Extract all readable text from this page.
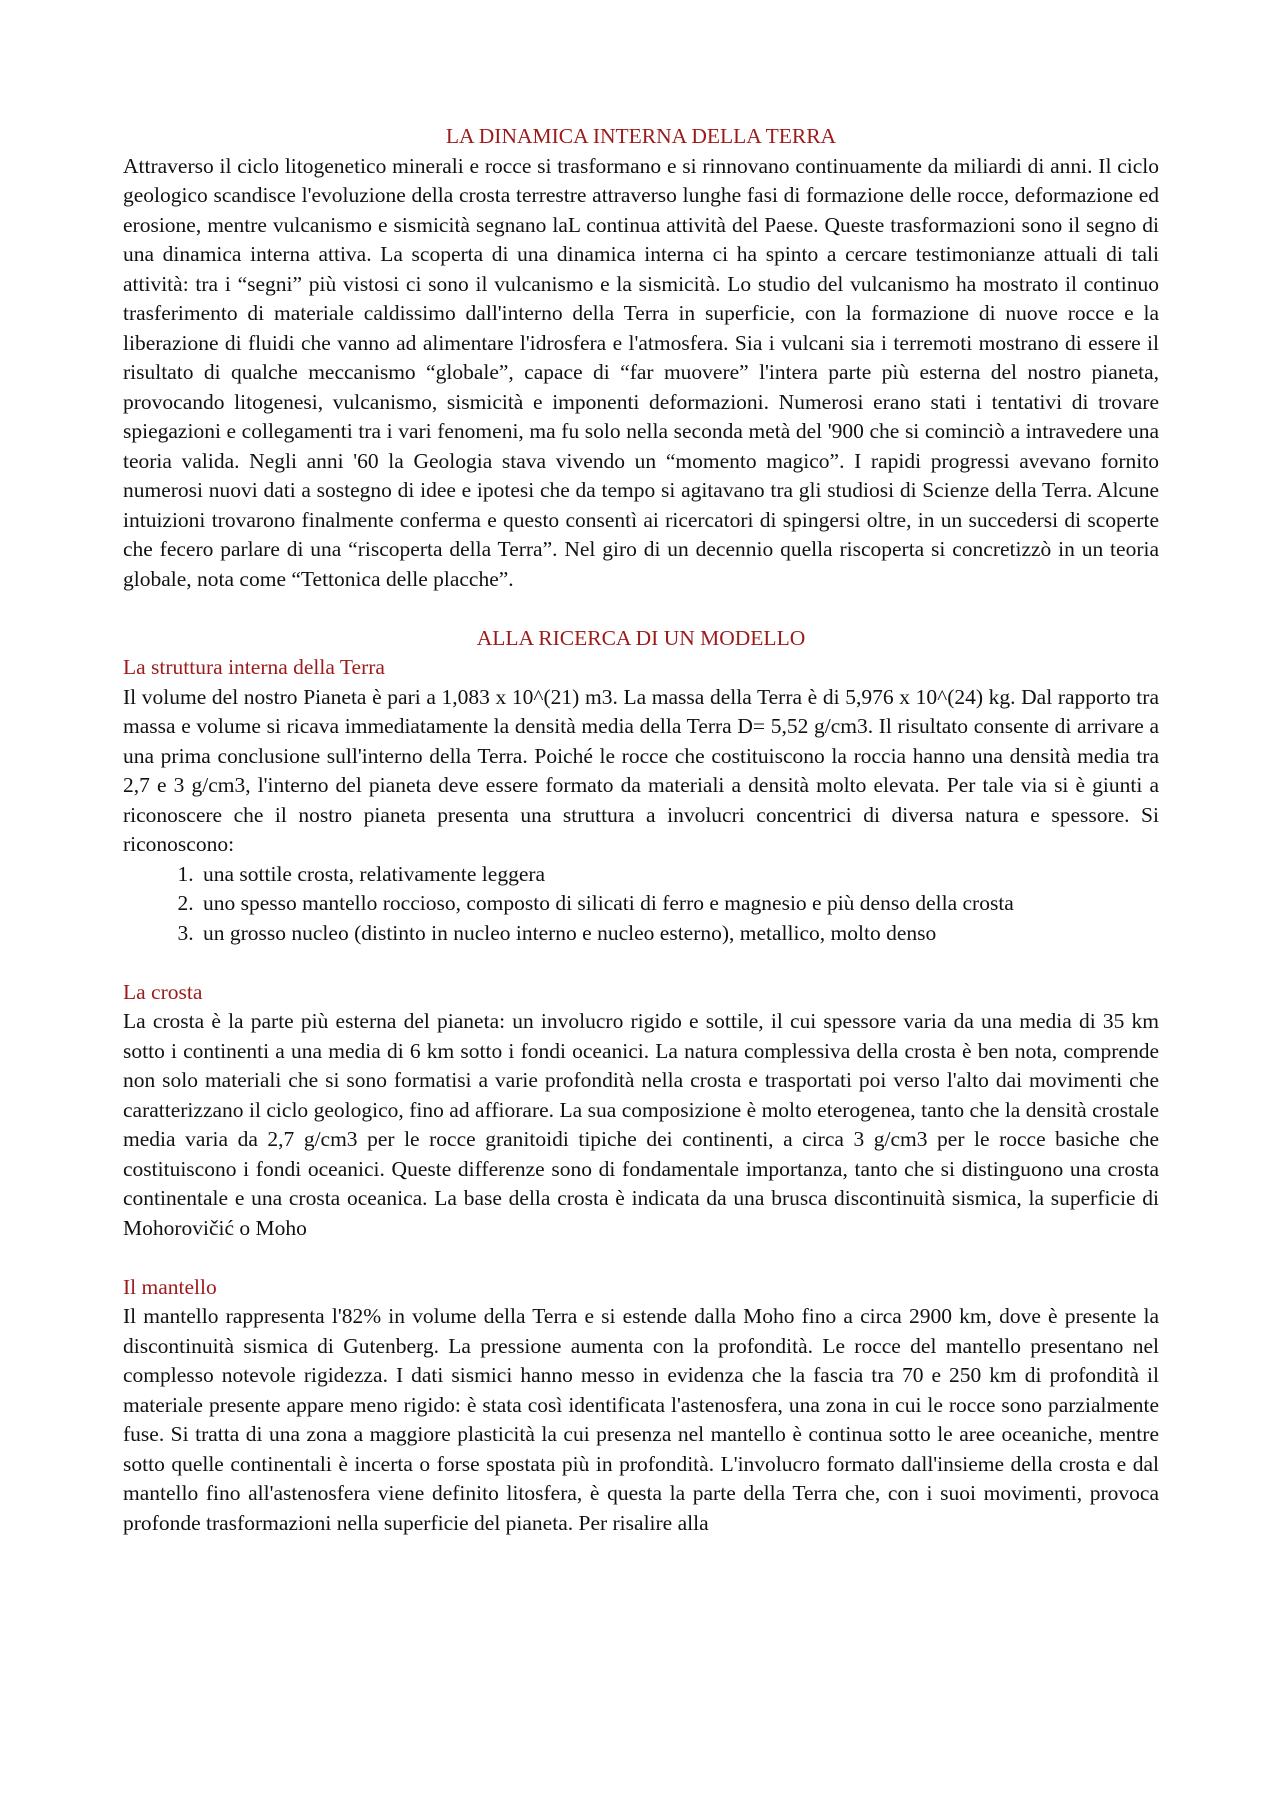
LA DINAMICA INTERNA DELLA TERRA

Attraverso il ciclo litogenetico minerali e rocce si trasformano e si rinnovano continuamente da miliardi di anni. Il ciclo geologico scandisce l'evoluzione della crosta terrestre attraverso lunghe fasi di formazione delle rocce, deformazione ed erosione, mentre vulcanismo e sismicità segnano laL continua attività del Paese. Queste trasformazioni sono il segno di una dinamica interna attiva. La scoperta di una dinamica interna ci ha spinto a cercare testimonianze attuali di tali attività: tra i “segni” più vistosi ci sono il vulcanismo e la sismicità. Lo studio del vulcanismo ha mostrato il continuo trasferimento di materiale caldissimo dall'interno della Terra in superficie, con la formazione di nuove rocce e la liberazione di fluidi che vanno ad alimentare l'idrosfera e l'atmosfera. Sia i vulcani sia i terremoti mostrano di essere il risultato di qualche meccanismo “globale”, capace di “far muovere” l'intera parte più esterna del nostro pianeta, provocando litogenesi, vulcanismo, sismicità e imponenti deformazioni. Numerosi erano stati i tentativi di trovare spiegazioni e collegamenti tra i vari fenomeni, ma fu solo nella seconda metà del '900 che si cominciò a intravedere una teoria valida. Negli anni '60 la Geologia stava vivendo un “momento magico”. I rapidi progressi avevano fornito numerosi nuovi dati a sostegno di idee e ipotesi che da tempo si agitavano tra gli studiosi di Scienze della Terra. Alcune intuizioni trovarono finalmente conferma e questo consentì ai ricercatori di spingersi oltre, in un succedersi di scoperte che fecero parlare di una “riscoperta della Terra”. Nel giro di un decennio quella riscoperta si concretizzò in un teoria globale, nota come “Tettonica delle placche”.

ALLA RICERCA DI UN MODELLO
La struttura interna della Terra

Il volume del nostro Pianeta è pari a 1,083 x 10^(21) m3. La massa della Terra è di 5,976 x 10^(24) kg. Dal rapporto tra massa e volume si ricava immediatamente la densità media della Terra D= 5,52 g/cm3. Il risultato consente di arrivare a una prima conclusione sull'interno della Terra. Poiché le rocce che costituiscono la roccia hanno una densità media tra 2,7 e 3 g/cm3, l'interno del pianeta deve essere formato da materiali a densità molto elevata. Per tale via si è giunti a riconoscere che il nostro pianeta presenta una struttura a involucri concentrici di diversa natura e spessore. Si riconoscono:

1. una sottile crosta, relativamente leggera
2. uno spesso mantello roccioso, composto di silicati di ferro e magnesio e più denso della crosta
3. un grosso nucleo (distinto in nucleo interno e nucleo esterno), metallico, molto denso
La crosta

La crosta è la parte più esterna del pianeta: un involucro rigido e sottile, il cui spessore varia da una media di 35 km sotto i continenti a una media di 6 km sotto i fondi oceanici. La natura complessiva della crosta è ben nota, comprende non solo materiali che si sono formatisi a varie profondità nella crosta e trasportati poi verso l'alto dai movimenti che caratterizzano il ciclo geologico, fino ad affiorare. La sua composizione è molto eterogenea, tanto che la densità crostale media varia da 2,7 g/cm3 per le rocce granitoidi tipiche dei continenti, a circa 3 g/cm3 per le rocce basiche che costituiscono i fondi oceanici. Queste differenze sono di fondamentale importanza, tanto che si distinguono una crosta continentale e una crosta oceanica. La base della crosta è indicata da una brusca discontinuità sismica, la superficie di Mohorovičić o Moho

Il mantello

Il mantello rappresenta l'82% in volume della Terra e si estende dalla Moho fino a circa 2900 km, dove è presente la discontinuità sismica di Gutenberg. La pressione aumenta con la profondità. Le rocce del mantello presentano nel complesso notevole rigidezza. I dati sismici hanno messo in evidenza che la fascia tra 70 e 250 km di profondità il materiale presente appare meno rigido: è stata così identificata l'astenosfera, una zona in cui le rocce sono parzialmente fuse. Si tratta di una zona a maggiore plasticità la cui presenza nel mantello è continua sotto le aree oceaniche, mentre sotto quelle continentali è incerta o forse spostata più in profondità. L'involucro formato dall'insieme della crosta e dal mantello fino all'astenosfera viene definito litosfera, è questa la parte della Terra che, con i suoi movimenti, provoca profonde trasformazioni nella superficie del pianeta. Per risalire alla
